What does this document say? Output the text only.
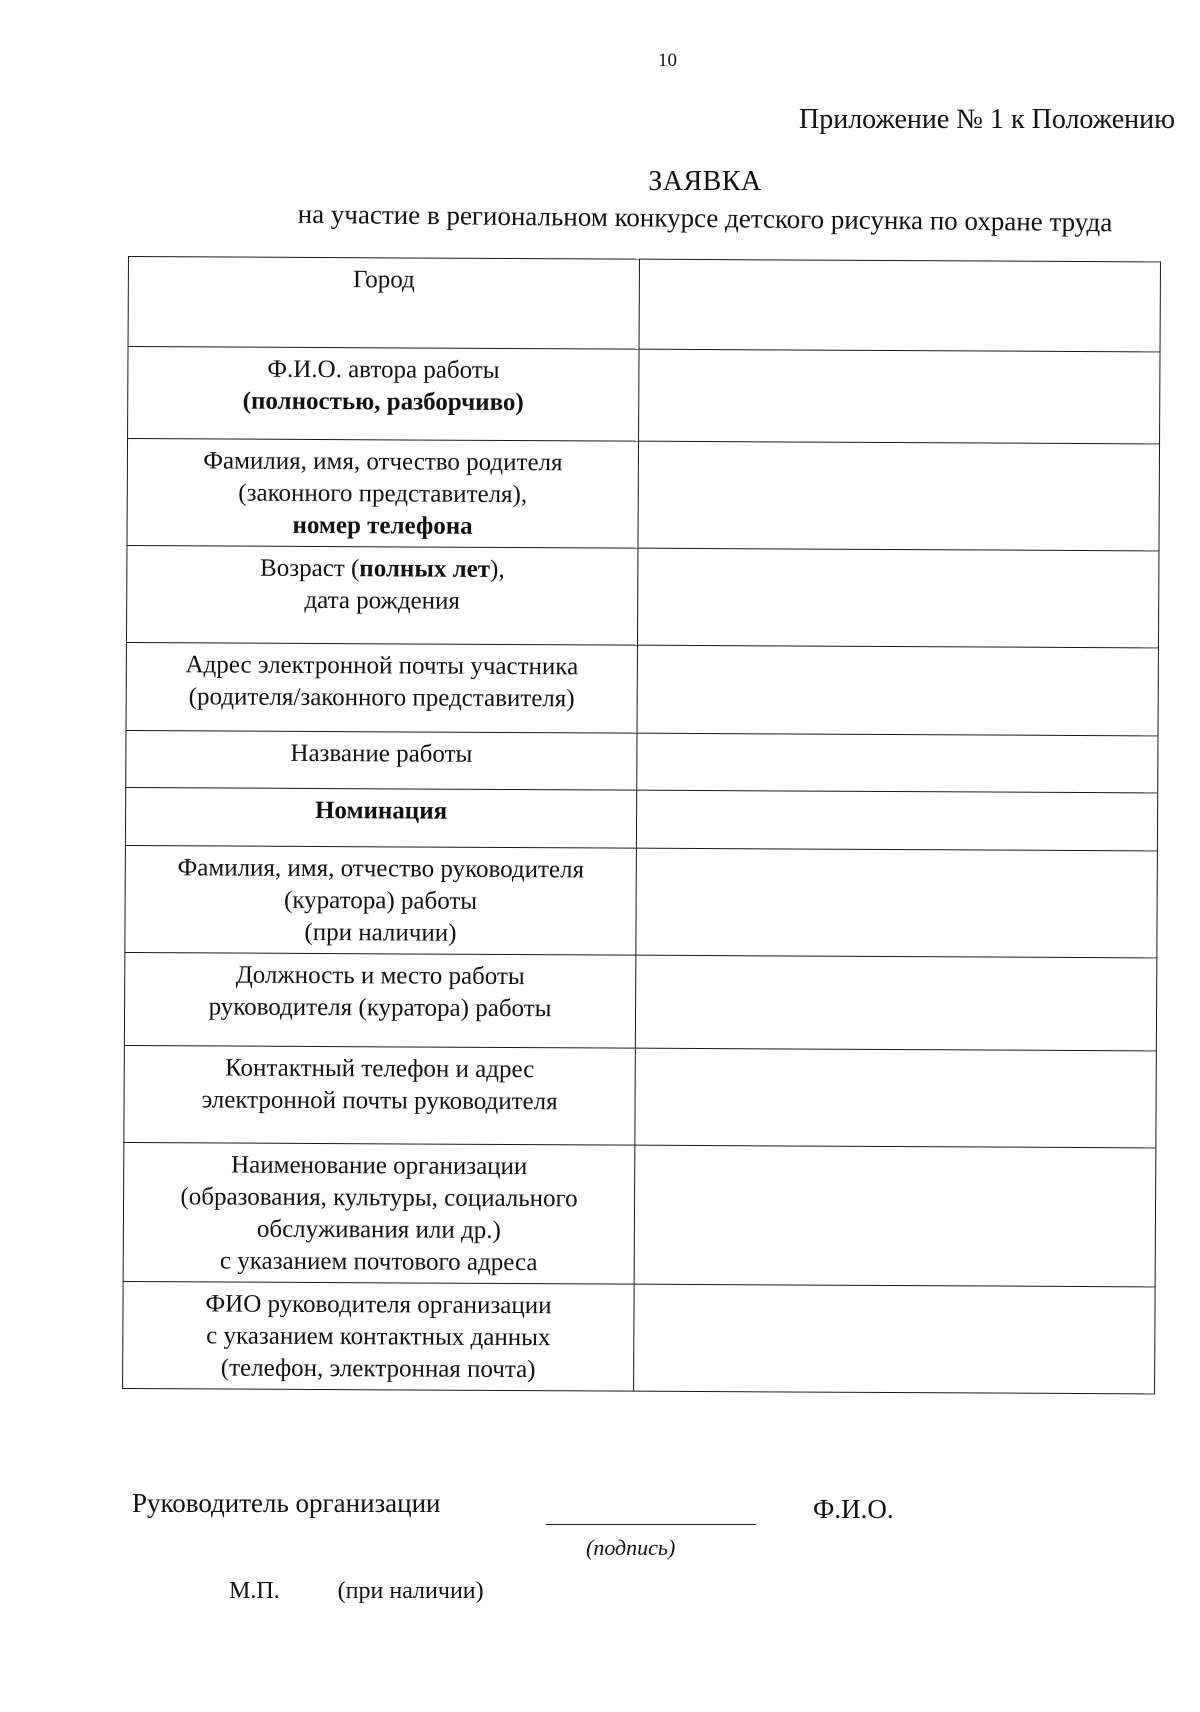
10
Приложение № 1 к Положению
ЗАЯВКА
на участие в региональном конкурсе детского рисунка по охране труда
Город	

Ф.И.О. автора работы
(полностью, разборчиво)	

Фамилия, имя, отчество родителя
(законного представителя),
номер телефона	

Возраст (полных лет),
дата рождения	

Адрес электронной почты участника
(родителя/законного представителя)	

Название работы	

Номинация	

Фамилия, имя, отчество руководителя
(куратора) работы
(при наличии)	

Должность и место работы
руководителя (куратора) работы	

Контактный телефон и адрес
электронной почты руководителя	

Наименование организации
(образования, культуры, социального
обслуживания или др.)
с указанием почтового адреса	

ФИО руководителя организации
с указанием контактных данных
(телефон, электронная почта)	

Руководитель организации
(подпись)
Ф.И.О.
М.П. (при наличии)
